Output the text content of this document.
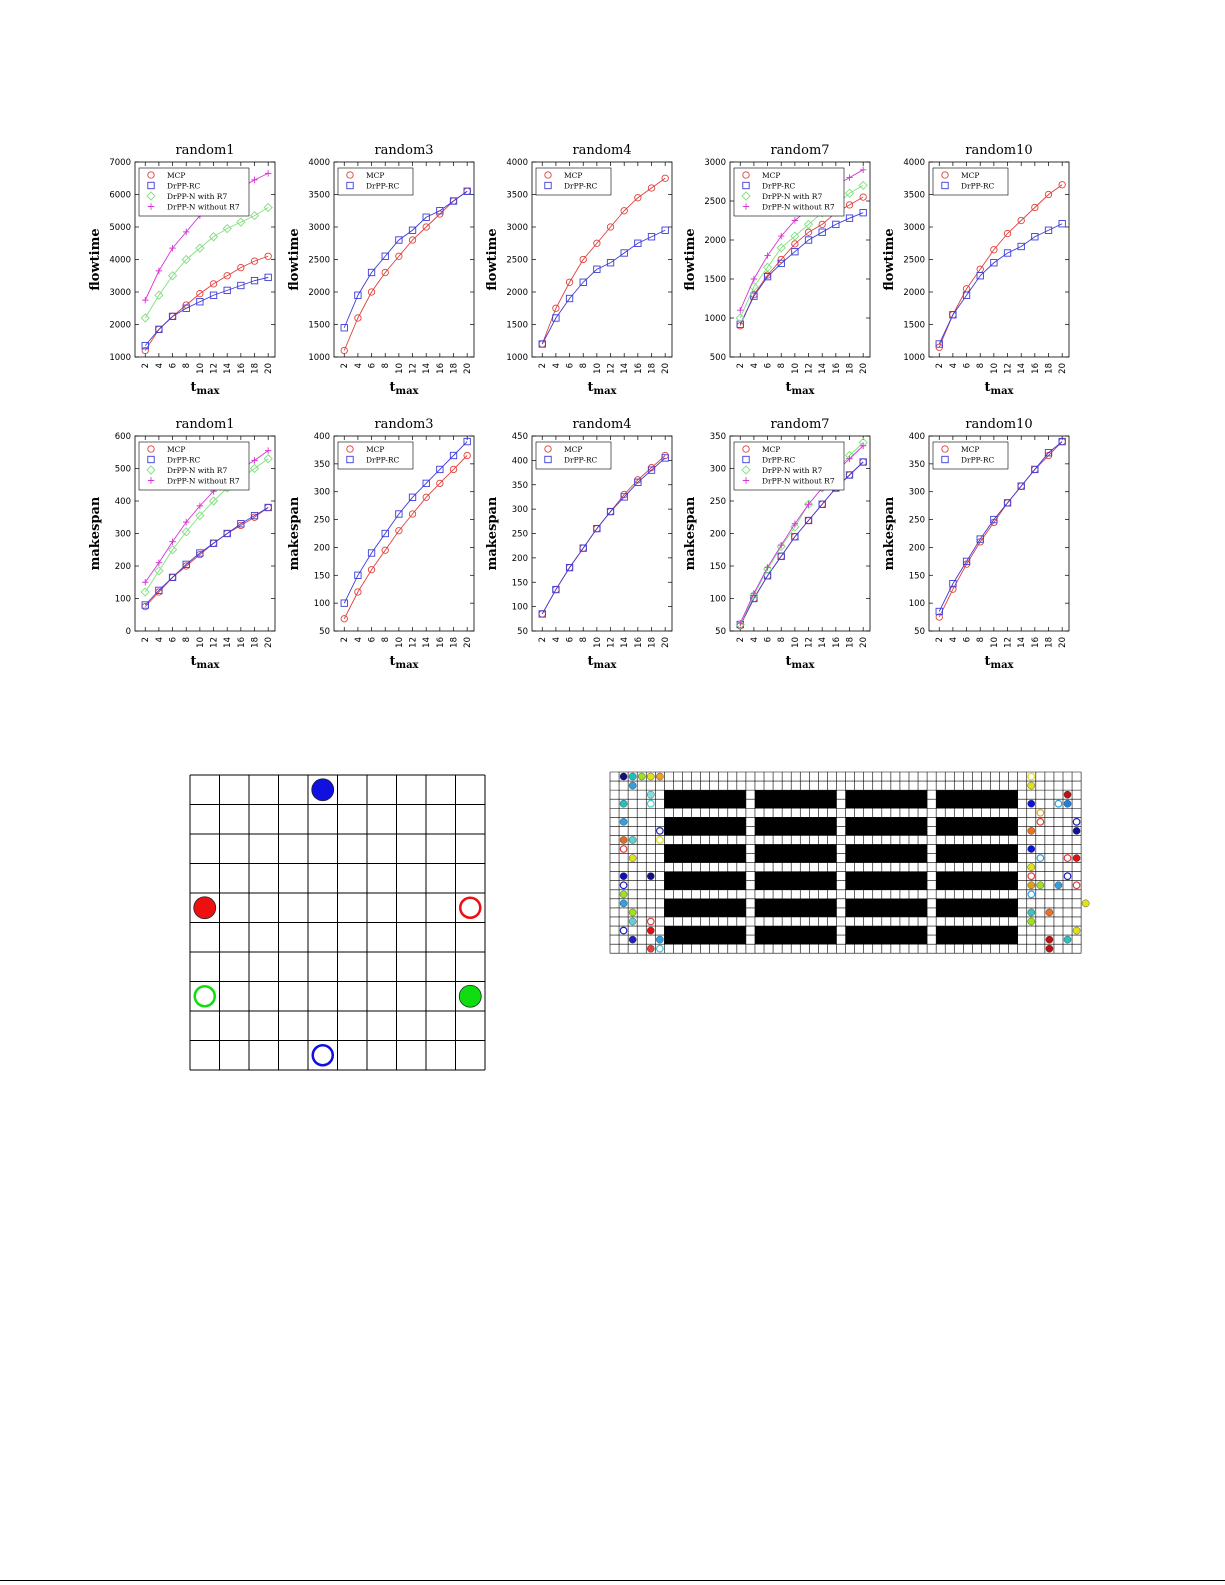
random1
1000
2000
3000
4000
5000
6000
7000
2 4 6 8 10 12 14 16 18 20
flowtime
$t_{max}$
MCP
DrPP-RC
DrPP-N with R7
DrPP-N without R7
random3
1000
1500
2000
2500
3000
3500
4000
2 4 6 8 10 12 14 16 18 20
flowtime
$t_{max}$
MCP
DrPP-RC
random4
1000
1500
2000
2500
3000
3500
4000
2 4 6 8 10 12 14 16 18 20
flowtime
$t_{max}$
MCP
DrPP-RC
random7
500
1000
1500
2000
2500
3000
2 4 6 8 10 12 14 16 18 20
flowtime
$t_{max}$
MCP
DrPP-RC
DrPP-N with R7
DrPP-N without R7
random10
1000
1500
2000
2500
3000
3500
4000
2 4 6 8 10 12 14 16 18 20
flowtime
$t_{max}$
MCP
DrPP-RC
random1
0
100
200
300
400
500
600
2 4 6 8 10 12 14 16 18 20
makespan
$t_{max}$
MCP
DrPP-RC
DrPP-N with R7
DrPP-N without R7
random3
50
100
150
200
250
300
350
400
2 4 6 8 10 12 14 16 18 20
makespan
$t_{max}$
MCP
DrPP-RC
random4
50
100
150
200
250
300
350
400
450
2 4 6 8 10 12 14 16 18 20
makespan
$t_{max}$
MCP
DrPP-RC
random7
50
100
150
200
250
300
350
2 4 6 8 10 12 14 16 18 20
makespan
$t_{max}$
MCP
DrPP-RC
DrPP-N with R7
DrPP-N without R7
random10
50
100
150
200
250
300
350
400
2 4 6 8 10 12 14 16 18 20
makespan
$t_{max}$
MCP
DrPP-RC
